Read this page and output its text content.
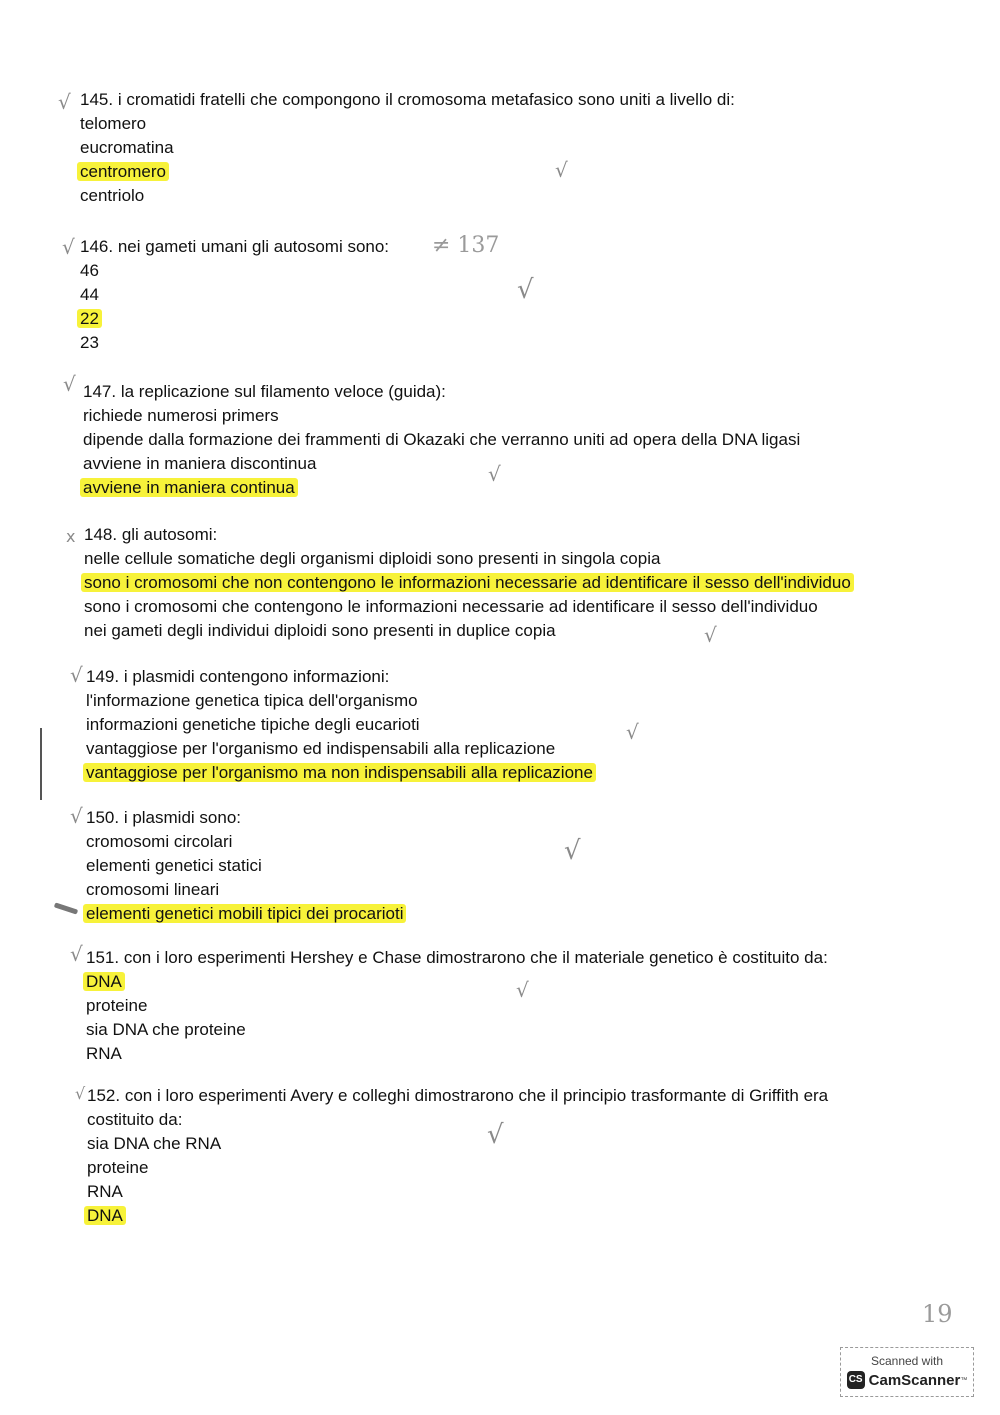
√ 145. i cromatidi fratelli che compongono il cromosoma metafasico sono uniti a livello di:

telomero
eucromatina
centromero
centriolo
√
√ 146. nei gameti umani gli autosomi sono:	≠ 137
46
44
22
23
√
√ 147. la replicazione sul filamento veloce (guida):

richiede numerosi primers
dipende dalla formazione dei frammenti di Okazaki che verranno uniti ad opera della DNA ligasi
avviene in maniera discontinua
avviene in maniera continua
√
x 148. gli autosomi:

nelle cellule somatiche degli organismi diploidi sono presenti in singola copia
sono i cromosomi che non contengono le informazioni necessarie ad identificare il sesso dell'individuo
sono i cromosomi che contengono le informazioni necessarie ad identificare il sesso dell'individuo
nei gameti degli individui diploidi sono presenti in duplice copia	√
√ 149. i plasmidi contengono informazioni:

l'informazione genetica tipica dell'organismo
informazioni genetiche tipiche degli eucarioti
vantaggiose per l'organismo ed indispensabili alla replicazione
vantaggiose per l'organismo ma non indispensabili alla replicazione
√
√ 150. i plasmidi sono:

cromosomi circolari
elementi genetici statici
cromosomi lineari
elementi genetici mobili tipici dei procarioti
√
√ 151. con i loro esperimenti Hershey e Chase dimostrarono che il materiale genetico è costituito da:

DNA
proteine
sia DNA che proteine
RNA
√
√ 152. con i loro esperimenti Avery e colleghi dimostrarono che il principio trasformante di Griffith era costituito da:

sia DNA che RNA
proteine
RNA
DNA
√
19
Scanned with
CS CamScanner ™
